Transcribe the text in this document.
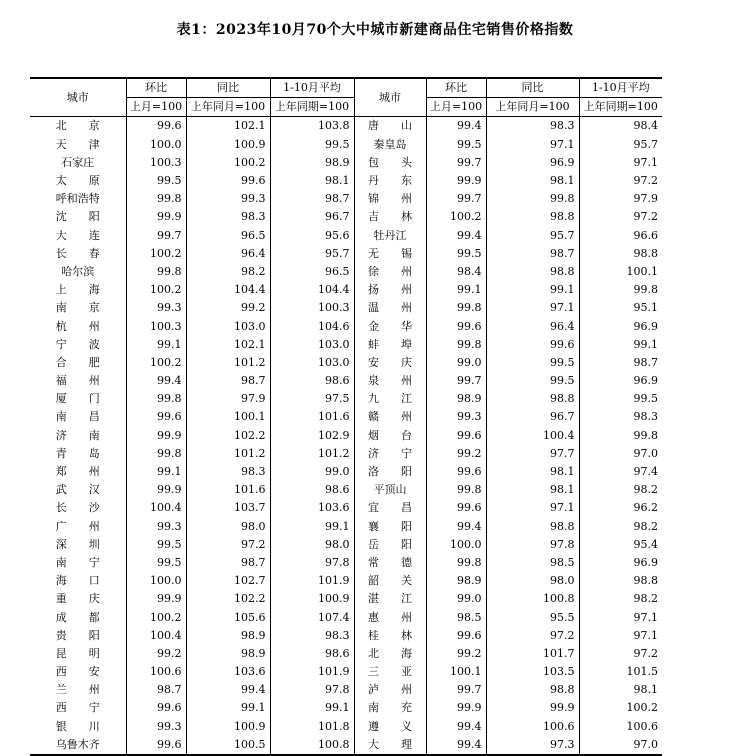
表1：2023年10月70个大中城市新建商品住宅销售价格指数
城市	环比	同比	1-10月平均	城市	环比	同比	1-10月平均
	上月=100	上年同月=100	上年同期=100		上月=100	上年同月=100	上年同期=100
北　　京	99.6	102.1	103.8	唐　　山	99.4	98.3	98.4
天　　津	100.0	100.9	99.5	秦皇岛	99.5	97.1	95.7
石家庄	100.3	100.2	98.9	包　　头	99.7	96.9	97.1
太　　原	99.5	99.6	98.1	丹　　东	99.9	98.1	97.2
呼和浩特	99.8	99.3	98.7	锦　　州	99.7	99.8	97.9
沈　　阳	99.9	98.3	96.7	吉　　林	100.2	98.8	97.2
大　　连	99.7	96.5	95.6	牡丹江	99.4	95.7	96.6
长　　春	100.2	96.4	95.7	无　　锡	99.5	98.7	98.8
哈尔滨	99.8	98.2	96.5	徐　　州	98.4	98.8	100.1
上　　海	100.2	104.4	104.4	扬　　州	99.1	99.1	99.8
南　　京	99.3	99.2	100.3	温　　州	99.8	97.1	95.1
杭　　州	100.3	103.0	104.6	金　　华	99.6	96.4	96.9
宁　　波	99.1	102.1	103.0	蚌　　埠	99.8	99.6	99.1
合　　肥	100.2	101.2	103.0	安　　庆	99.0	99.5	98.7
福　　州	99.4	98.7	98.6	泉　　州	99.7	99.5	96.9
厦　　门	99.8	97.9	97.5	九　　江	98.9	98.8	99.5
南　　昌	99.6	100.1	101.6	赣　　州	99.3	96.7	98.3
济　　南	99.9	102.2	102.9	烟　　台	99.6	100.4	99.8
青　　岛	99.8	101.2	101.2	济　　宁	99.2	97.7	97.0
郑　　州	99.1	98.3	99.0	洛　　阳	99.6	98.1	97.4
武　　汉	99.9	101.6	98.6	平顶山	99.8	98.1	98.2
长　　沙	100.4	103.7	103.6	宜　　昌	99.6	97.1	96.2
广　　州	99.3	98.0	99.1	襄　　阳	99.4	98.8	98.2
深　　圳	99.5	97.2	98.0	岳　　阳	100.0	97.8	95.4
南　　宁	99.5	98.7	97.8	常　　德	99.8	98.5	96.9
海　　口	100.0	102.7	101.9	韶　　关	98.9	98.0	98.8
重　　庆	99.9	102.2	100.9	湛　　江	99.0	100.8	98.2
成　　都	100.2	105.6	107.4	惠　　州	98.5	95.5	97.1
贵　　阳	100.4	98.9	98.3	桂　　林	99.6	97.2	97.1
昆　　明	99.2	98.9	98.6	北　　海	99.2	101.7	97.2
西　　安	100.6	103.6	101.9	三　　亚	100.1	103.5	101.5
兰　　州	98.7	99.4	97.8	泸　　州	99.7	98.8	98.1
西　　宁	99.6	99.1	99.1	南　　充	99.9	99.9	100.2
银　　川	99.3	100.9	101.8	遵　　义	99.4	100.6	100.6
乌鲁木齐	99.6	100.5	100.8	大　　理	99.4	97.3	97.0
